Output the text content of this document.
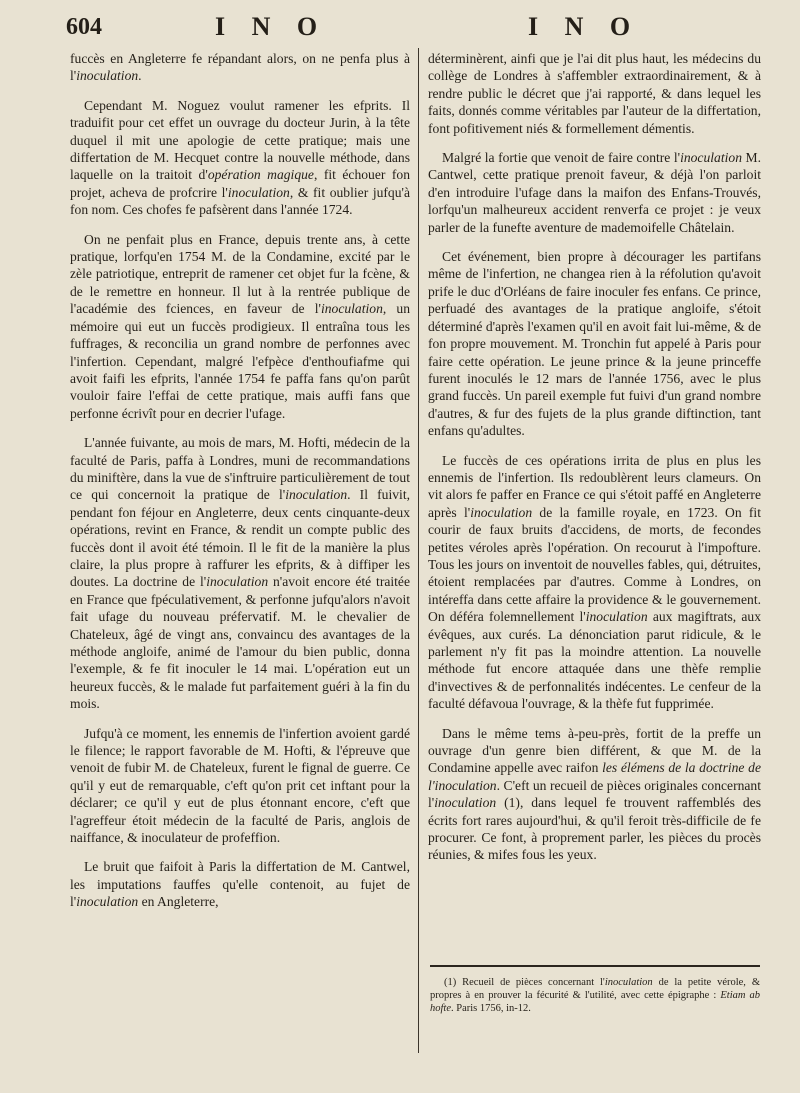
604	I N O	I N O

fuccès en Angleterre fe répandant alors, on ne penfa plus à l'inoculation.

Cependant M. Noguez voulut ramener les efprits. Il traduifit pour cet effet un ouvrage du docteur Jurin, à la tête duquel il mit une apologie de cette pratique; mais une differtation de M. Hecquet contre la nouvelle méthode, dans laquelle on la traitoit d'opération magique, fit échouer fon projet, acheva de profcrire l'inoculation, & fit oublier jufqu'à fon nom. Ces chofes fe pafsèrent dans l'année 1724.

On ne penfait plus en France, depuis trente ans, à cette pratique, lorfqu'en 1754 M. de la Condamine, excité par le zèle patriotique, entreprit de ramener cet objet fur la fcène, & de le remettre en honneur. Il lut à la rentrée publique de l'académie des fciences, en faveur de l'inoculation, un mémoire qui eut un fuccès prodigieux. Il entraîna tous les fuffrages, & reconcilia un grand nombre de perfonnes avec l'infertion. Cependant, malgré l'efpèce d'enthoufiafme qui avoit faifi les efprits, l'année 1754 fe paffa fans qu'on parût vouloir faire l'effai de cette pratique, mais auffi fans que perfonne écrivît pour en decrier l'ufage.

L'année fuivante, au mois de mars, M. Hofti, médecin de la faculté de Paris, paffa à Londres, muni de recommandations du miniftère, dans la vue de s'inftruire particulièrement de tout ce qui concernoit la pratique de l'inoculation. Il fuivit, pendant fon féjour en Angleterre, deux cents cinquante-deux opérations, revint en France, & rendit un compte public des fuccès dont il avoit été témoin. Il le fit de la manière la plus claire, la plus propre à raffurer les efprits, & à diffiper les doutes. La doctrine de l'inoculation n'avoit encore été traitée en France que fpéculativement, & perfonne jufqu'alors n'avoit fait ufage du nouveau préfervatif. M. le chevalier de Chateleux, âgé de vingt ans, convaincu des avantages de la méthode angloife, animé de l'amour du bien public, donna l'exemple, & fe fit inoculer le 14 mai. L'opération eut un heureux fuccès, & le malade fut parfaitement guéri à la fin du mois.

Jufqu'à ce moment, les ennemis de l'infertion avoient gardé le filence; le rapport favorable de M. Hofti, & l'épreuve que venoit de fubir M. de Chateleux, furent le fignal de guerre. Ce qu'il y eut de remarquable, c'eft qu'on prit cet inftant pour la déclarer; ce qu'il y eut de plus étonnant encore, c'eft que l'agreffeur étoit médecin de la faculté de Paris, anglois de naiffance, & inoculateur de profeffion.

Le bruit que faifoit à Paris la differtation de M. Cantwel, les imputations fauffes qu'elle contenoit, au fujet de l'inoculation en Angleterre,

déterminèrent, ainfi que je l'ai dit plus haut, les médecins du collège de Londres à s'affembler extraordinairement, & à rendre public le décret que j'ai rapporté, & dans lequel les faits, donnés comme véritables par l'auteur de la differtation, font pofitivement niés & formellement démentis.

Malgré la fortie que venoit de faire contre l'inoculation M. Cantwel, cette pratique prenoit faveur, & déjà l'on parloit d'en introduire l'ufage dans la maifon des Enfans-Trouvés, lorfqu'un malheureux accident renverfa ce projet : je veux parler de la funefte aventure de mademoifelle Châtelain.

Cet événement, bien propre à décourager les partifans même de l'infertion, ne changea rien à la réfolution qu'avoit prife le duc d'Orléans de faire inoculer fes enfans. Ce prince, perfuadé des avantages de la pratique angloife, s'étoit déterminé d'après l'examen qu'il en avoit fait lui-même, & de fon propre mouvement. M. Tronchin fut appelé à Paris pour faire cette opération. Le jeune prince & la jeune princeffe furent inoculés le 12 mars de l'année 1756, avec le plus grand fuccès. Un pareil exemple fut fuivi d'un grand nombre d'autres, & fur des fujets de la plus grande diftinction, tant enfans qu'adultes.

Le fuccès de ces opérations irrita de plus en plus les ennemis de l'infertion. Ils redoublèrent leurs clameurs. On vit alors fe paffer en France ce qui s'étoit paffé en Angleterre après l'inoculation de la famille royale, en 1723. On fit courir de faux bruits d'accidens, de morts, de fecondes petites véroles après l'opération. On recourut à l'impofture. Tous les jours on inventoit de nouvelles fables, qui, détruites, étoient remplacées par d'autres. Comme à Londres, on intéreffa dans cette affaire la providence & le gouvernement. On déféra folemnellement l'inoculation aux magiftrats, aux évêques, aux curés. La dénonciation parut ridicule, & le parlement n'y fit pas la moindre attention. La nouvelle méthode fut encore attaquée dans une thèfe remplie d'invectives & de perfonnalités indécentes. Le cenfeur de la faculté défavoua l'ouvrage, & la thèfe fut fupprimée.

Dans le même tems à-peu-près, fortit de la preffe un ouvrage d'un genre bien différent, & que M. de la Condamine appelle avec raifon les élémens de la doctrine de l'inoculation. C'eft un recueil de pièces originales concernant l'inoculation (1), dans lequel fe trouvent raffemblés des écrits fort rares aujourd'hui, & qu'il feroit très-difficile de fe procurer. Ce font, à proprement parler, les pièces du procès réunies, & mifes fous les yeux.

(1) Recueil de pièces concernant l'inoculation de la petite vérole, & propres à en prouver la fécurité & l'utilité, avec cette épigraphe : Etiam ab hofte. Paris 1756, in-12.
